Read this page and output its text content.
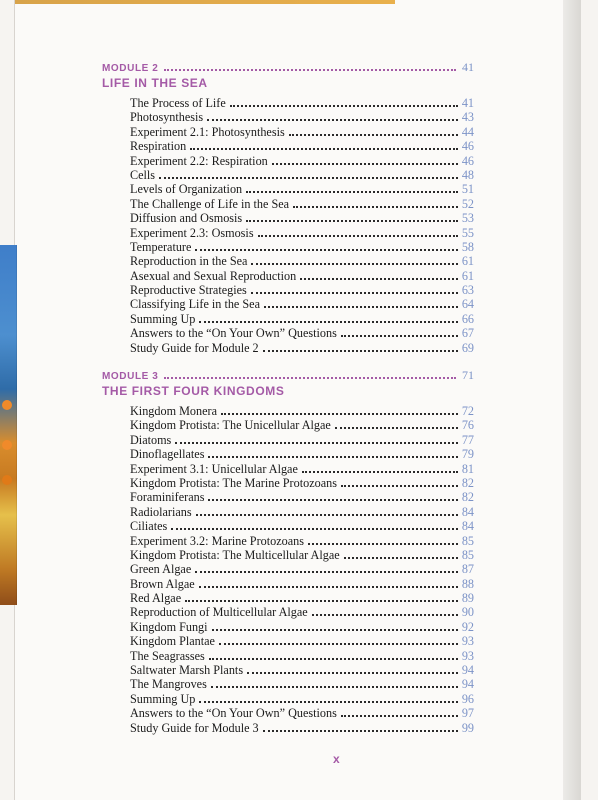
MODULE 2	41
LIFE IN THE SEA
The Process of Life	41
Photosynthesis	43
Experiment 2.1: Photosynthesis	44
Respiration	46
Experiment 2.2: Respiration	46
Cells	48
Levels of Organization	51
The Challenge of Life in the Sea	52
Diffusion and Osmosis	53
Experiment 2.3: Osmosis	55
Temperature	58
Reproduction in the Sea	61
Asexual and Sexual Reproduction	61
Reproductive Strategies	63
Classifying Life in the Sea	64
Summing Up	66
Answers to the “On Your Own” Questions	67
Study Guide for Module 2	69
MODULE 3	71
THE FIRST FOUR KINGDOMS
Kingdom Monera	72
Kingdom Protista: The Unicellular Algae	76
Diatoms	77
Dinoflagellates	79
Experiment 3.1: Unicellular Algae	81
Kingdom Protista: The Marine Protozoans	82
Foraminiferans	82
Radiolarians	84
Ciliates	84
Experiment 3.2: Marine Protozoans	85
Kingdom Protista: The Multicellular Algae	85
Green Algae	87
Brown Algae	88
Red Algae	89
Reproduction of Multicellular Algae	90
Kingdom Fungi	92
Kingdom Plantae	93
The Seagrasses	93
Saltwater Marsh Plants	94
The Mangroves	94
Summing Up	96
Answers to the “On Your Own” Questions	97
Study Guide for Module 3	99
x
